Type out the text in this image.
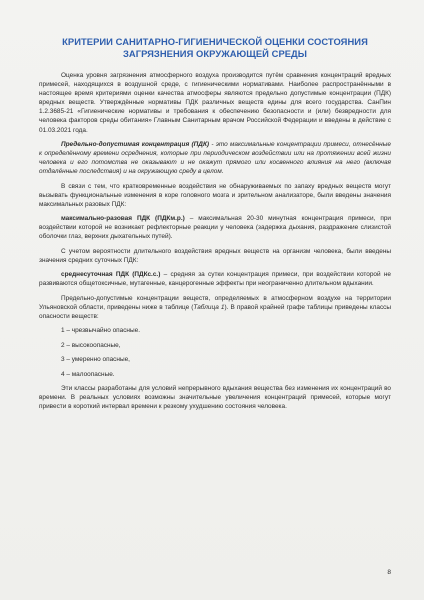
КРИТЕРИИ САНИТАРНО-ГИГИЕНИЧЕСКОЙ ОЦЕНКИ СОСТОЯНИЯ
ЗАГРЯЗНЕНИЯ ОКРУЖАЮЩЕЙ СРЕДЫ

Оценка уровня загрязнения атмосферного воздуха производится путём сравнения концентраций вредных примесей, находящихся в воздушной среде, с гигиеническими нормативами. Наиболее распространёнными в настоящее время критериями оценки качества атмосферы являются предельно допустимые концентрации (ПДК) вредных веществ. Утверждённые нормативы ПДК различных веществ едины для всего государства. СанПин 1.2.3685-21 «Гигиенические нормативы и требования к обеспечению безопасности и (или) безвредности для человека факторов среды обитания» Главным Санитарным врачом Российской Федерации и введены в действие с 01.03.2021 года.

Предельно-допустимая концентрация (ПДК) - это максимальные концентрации примеси, отнесённые к определённому времени осреднения, которые при периодическом воздействии или на протяжении всей жизни человека и его потомства не оказывают и не окажут прямого или косвенного влияния на него (включая отдалённые последствия) и на окружающую среду в целом.

В связи с тем, что кратковременные воздействия не обнаруживаемых по запаху вредных веществ могут вызывать функциональные изменения в коре головного мозга и зрительном анализаторе, были введены значения максимальных разовых ПДК:

максимально-разовая ПДК (ПДКм.р.) – максимальная 20-30 минутная концентрация примеси, при воздействии которой не возникает рефлекторные реакции у человека (задержка дыхания, раздражение слизистой оболочки глаз, верхних дыхательных путей).

С учетом вероятности длительного воздействия вредных веществ на организм человека, были введены значения средних суточных ПДК:

среднесуточная ПДК (ПДКс.с.) – средняя за сутки концентрация примеси, при воздействии которой не развиваются общетоксичные, мутагенные, канцерогенные эффекты при неограниченно длительном вдыхании.

Предельно-допустимые концентрации веществ, определяемых в атмосферном воздухе на территории Ульяновской области, приведены ниже в таблице (Таблица 1). В правой крайней графе таблицы приведены классы опасности веществ:

1 – чрезвычайно опасные.

2 – высокоопасные,

3 – умеренно опасные,

4 – малоопасные.

Эти классы разработаны для условий непрерывного вдыхания вещества без изменения их концентраций во времени. В реальных условиях возможны значительные увеличения концентраций примесей, которые могут привести в короткий интервал времени к резкому ухудшению состояния человека.

8
